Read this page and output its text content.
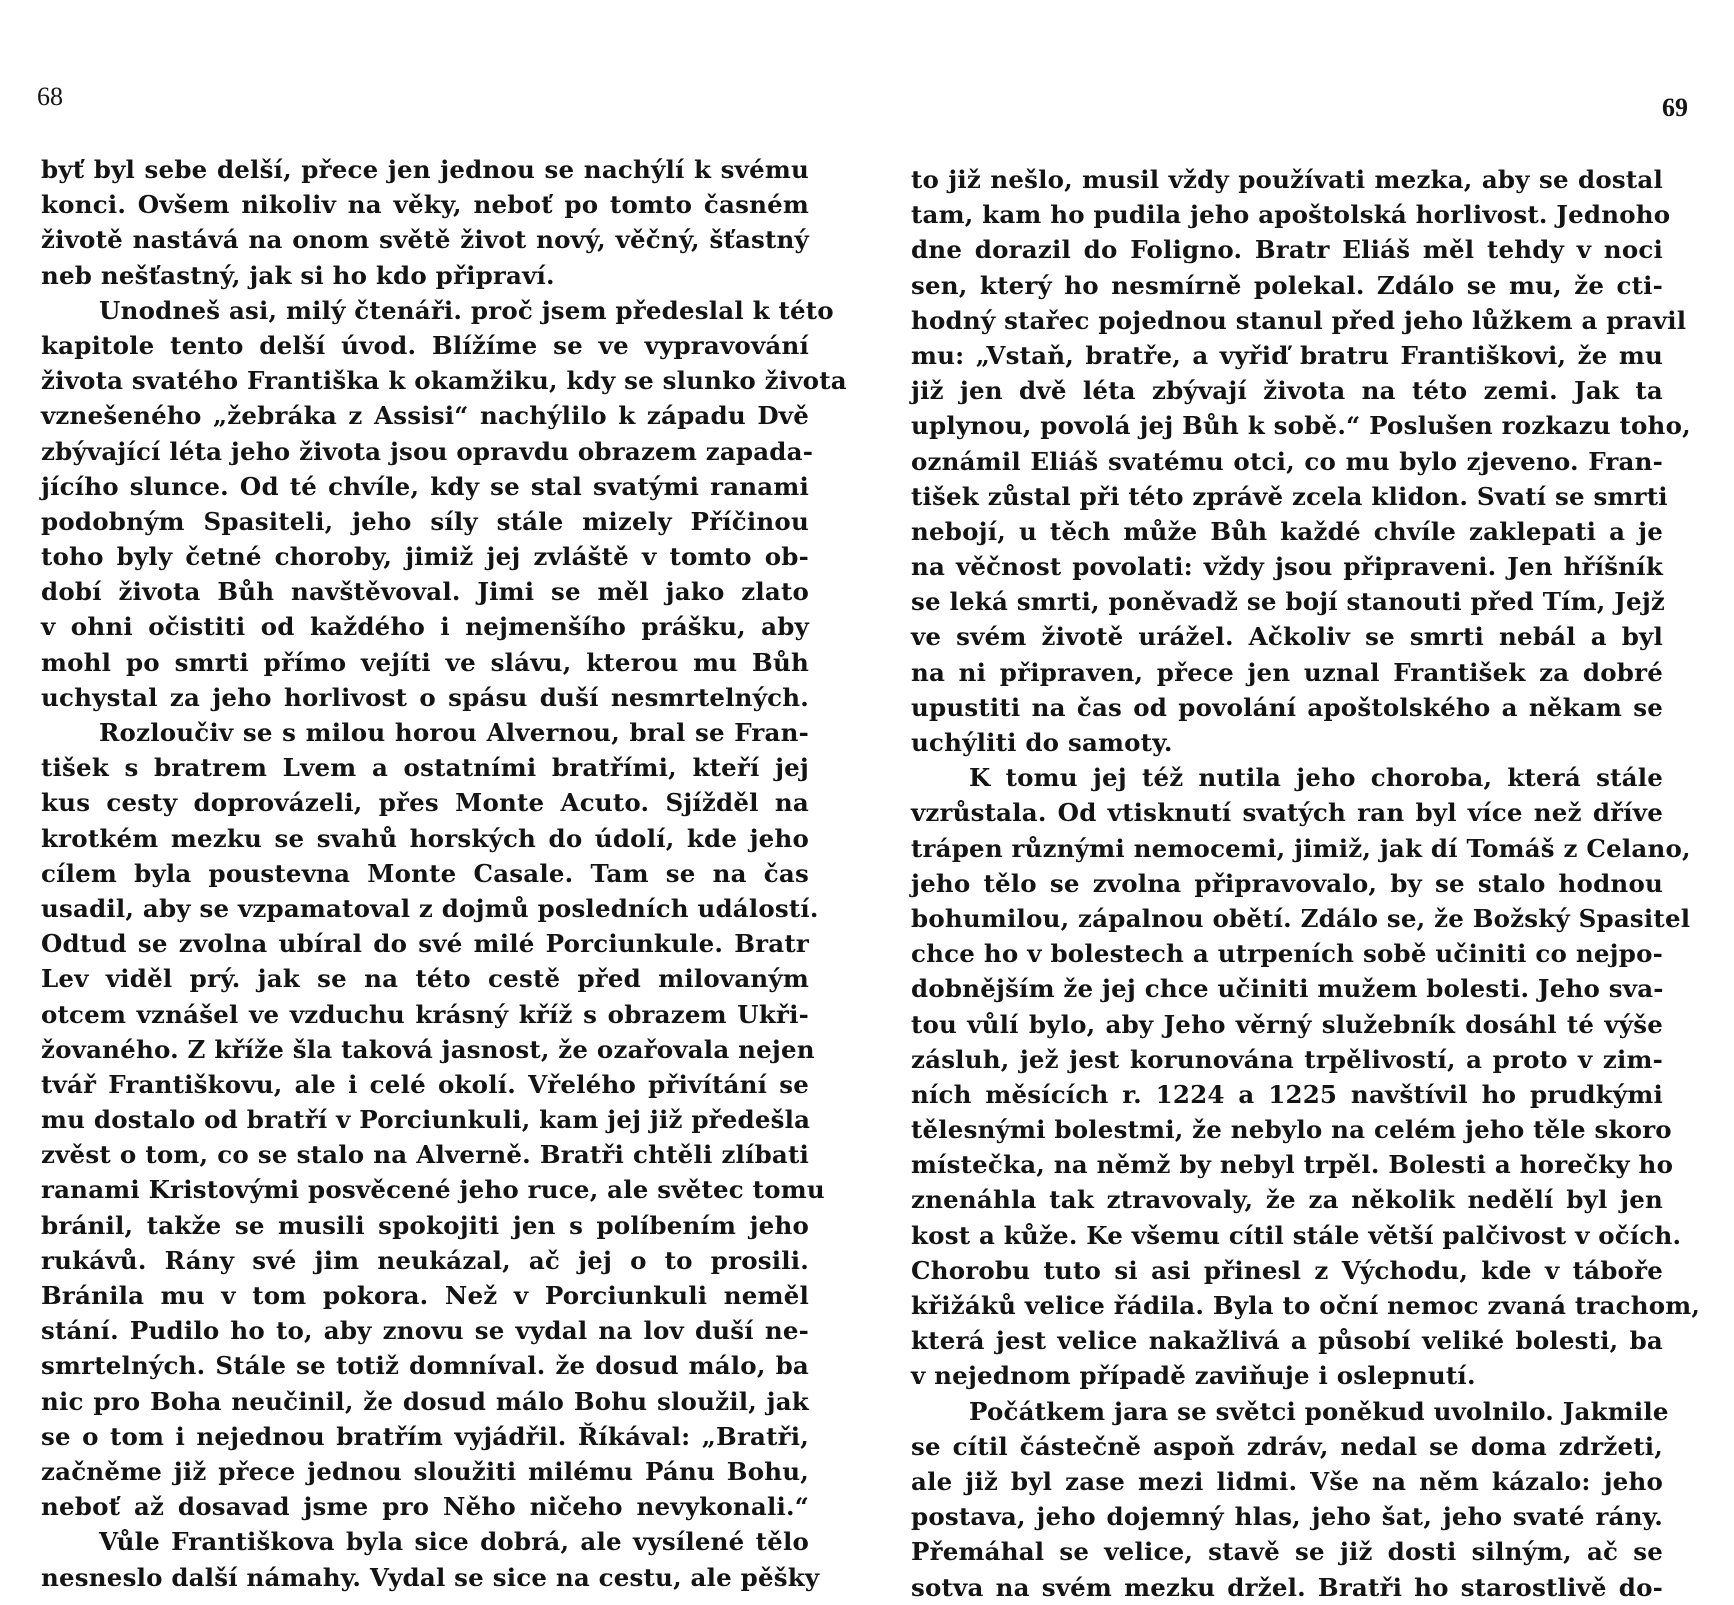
68
byť byl sebe delší, přece jen jednou se nachýlí k svému
konci. Ovšem nikoliv na věky, neboť po tomto časném
životě nastává na onom světě život nový, věčný, šťastný
neb nešťastný, jak si ho kdo připraví.
Unodneš asi, milý čtenáři. proč jsem předeslal k této
kapitole tento delší úvod. Blížíme se ve vypravování
života svatého Františka k okamžiku, kdy se slunko života
vznešeného „žebráka z Assisi“ nachýlilo k západu Dvě
zbývající léta jeho života jsou opravdu obrazem zapada-
jícího slunce. Od té chvíle, kdy se stal svatými ranami
podobným Spasiteli, jeho síly stále mizely Příčinou
toho byly četné choroby, jimiž jej zvláště v tomto ob-
dobí života Bůh navštěvoval. Jimi se měl jako zlato
v ohni očistiti od každého i nejmenšího prášku, aby
mohl po smrti přímo vejíti ve slávu, kterou mu Bůh
uchystal za jeho horlivost o spásu duší nesmrtelných.
Rozloučiv se s milou horou Alvernou, bral se Fran-
tišek s bratrem Lvem a ostatními bratřími, kteří jej
kus cesty doprovázeli, přes Monte Acuto. Sjížděl na
krotkém mezku se svahů horských do údolí, kde jeho
cílem byla poustevna Monte Casale. Tam se na čas
usadil, aby se vzpamatoval z dojmů posledních událostí.
Odtud se zvolna ubíral do své milé Porciunkule. Bratr
Lev viděl prý. jak se na této cestě před milovaným
otcem vznášel ve vzduchu krásný kříž s obrazem Ukři-
žovaného. Z kříže šla taková jasnost, že ozařovala nejen
tvář Františkovu, ale i celé okolí. Vřelého přivítání se
mu dostalo od bratří v Porciunkuli, kam jej již předešla
zvěst o tom, co se stalo na Alverně. Bratři chtěli zlíbati
ranami Kristovými posvěcené jeho ruce, ale světec tomu
bránil, takže se musili spokojiti jen s políbením jeho
rukávů. Rány své jim neukázal, ač jej o to prosili.
Bránila mu v tom pokora. Než v Porciunkuli neměl
stání. Pudilo ho to, aby znovu se vydal na lov duší ne-
smrtelných. Stále se totiž domníval. že dosud málo, ba
nic pro Boha neučinil, že dosud málo Bohu sloužil, jak
se o tom i nejednou bratřím vyjádřil. Říkával: „Bratři,
začněme již přece jednou sloužiti milému Pánu Bohu,
neboť až dosavad jsme pro Něho ničeho nevykonali.“
Vůle Františkova byla sice dobrá, ale vysílené tělo
nesneslo další námahy. Vydal se sice na cestu, ale pěšky
69
to již nešlo, musil vždy používati mezka, aby se dostal
tam, kam ho pudila jeho apoštolská horlivost. Jednoho
dne dorazil do Foligno. Bratr Eliáš měl tehdy v noci
sen, který ho nesmírně polekal. Zdálo se mu, že cti-
hodný stařec pojednou stanul před jeho lůžkem a pravil
mu: „Vstaň, bratře, a vyřiď bratru Františkovi, že mu
již jen dvě léta zbývají života na této zemi. Jak ta
uplynou, povolá jej Bůh k sobě.“ Poslušen rozkazu toho,
oznámil Eliáš svatému otci, co mu bylo zjeveno. Fran-
tišek zůstal při této zprávě zcela klidon. Svatí se smrti
nebojí, u těch může Bůh každé chvíle zaklepati a je
na věčnost povolati: vždy jsou připraveni. Jen hříšník
se leká smrti, poněvadž se bojí stanouti před Tím, Jejž
ve svém životě urážel. Ačkoliv se smrti nebál a byl
na ni připraven, přece jen uznal František za dobré
upustiti na čas od povolání apoštolského a někam se
uchýliti do samoty.
K tomu jej též nutila jeho choroba, která stále
vzrůstala. Od vtisknutí svatých ran byl více než dříve
trápen různými nemocemi, jimiž, jak dí Tomáš z Celano,
jeho tělo se zvolna připravovalo, by se stalo hodnou
bohumilou, zápalnou obětí. Zdálo se, že Božský Spasitel
chce ho v bolestech a utrpeních sobě učiniti co nejpo-
dobnějším že jej chce učiniti mužem bolesti. Jeho sva-
tou vůlí bylo, aby Jeho věrný služebník dosáhl té výše
zásluh, jež jest korunována trpělivostí, a proto v zim-
ních měsících r. 1224 a 1225 navštívil ho prudkými
tělesnými bolestmi, že nebylo na celém jeho těle skoro
místečka, na němž by nebyl trpěl. Bolesti a horečky ho
znenáhla tak ztravovaly, že za několik nedělí byl jen
kost a kůže. Ke všemu cítil stále větší palčivost v očích.
Chorobu tuto si asi přinesl z Východu, kde v táboře
křižáků velice řádila. Byla to oční nemoc zvaná trachom,
která jest velice nakažlivá a působí veliké bolesti, ba
v nejednom případě zaviňuje i oslepnutí.
Počátkem jara se světci poněkud uvolnilo. Jakmile
se cítil částečně aspoň zdráv, nedal se doma zdržeti,
ale již byl zase mezi lidmi. Vše na něm kázalo: jeho
postava, jeho dojemný hlas, jeho šat, jeho svaté rány.
Přemáhal se velice, stavě se již dosti silným, ač se
sotva na svém mezku držel. Bratři ho starostlivě do-
